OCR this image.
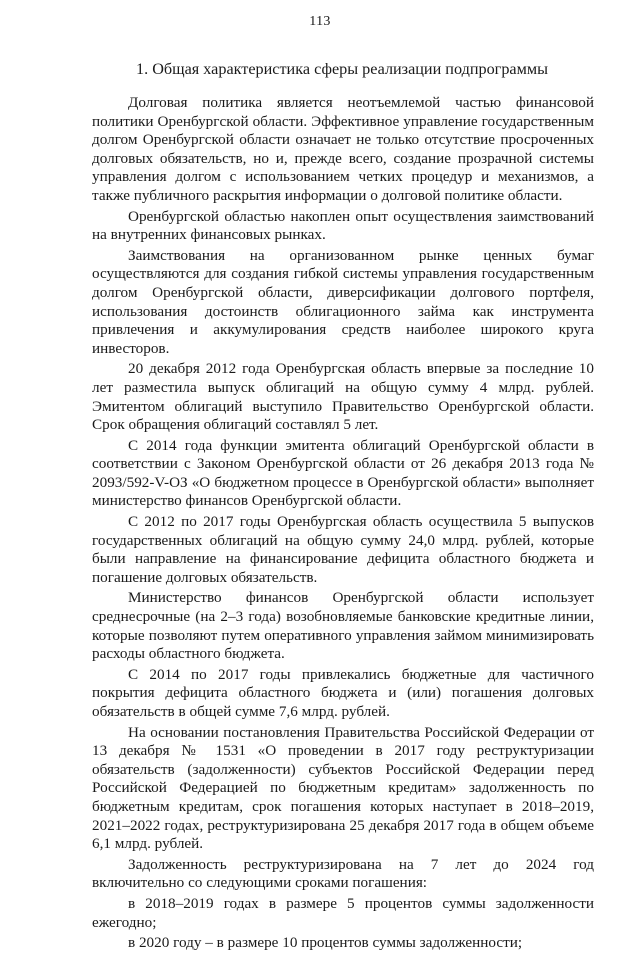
113
1. Общая характеристика сферы реализации подпрограммы

Долговая политика является неотъемлемой частью финансовой политики Оренбургской области. Эффективное управление государственным долгом Оренбургской области означает не только отсутствие просроченных долговых обязательств, но и, прежде всего, создание прозрачной системы управления долгом с использованием четких процедур и механизмов, а также публичного раскрытия информации о долговой политике области.

Оренбургской областью накоплен опыт осуществления заимствований на внутренних финансовых рынках.

Заимствования на организованном рынке ценных бумаг осуществляются для создания гибкой системы управления государственным долгом Оренбургской области, диверсификации долгового портфеля, использования достоинств облигационного займа как инструмента привлечения и аккумулирования средств наиболее широкого круга инвесторов.

20 декабря 2012 года Оренбургская область впервые за последние 10 лет разместила выпуск облигаций на общую сумму 4 млрд. рублей. Эмитентом облигаций выступило Правительство Оренбургской области. Срок обращения облигаций составлял 5 лет.

С 2014 года функции эмитента облигаций Оренбургской области в соответствии с Законом Оренбургской области от 26 декабря 2013 года № 2093/592-V-ОЗ «О бюджетном процессе в Оренбургской области» выполняет министерство финансов Оренбургской области.

С 2012 по 2017 годы Оренбургская область осуществила 5 выпусков государственных облигаций на общую сумму 24,0 млрд. рублей, которые были направление на финансирование дефицита областного бюджета и погашение долговых обязательств.

Министерство финансов Оренбургской области использует среднесрочные (на 2–3 года) возобновляемые банковские кредитные линии, которые позволяют путем оперативного управления займом минимизировать расходы областного бюджета.

С 2014 по 2017 годы привлекались бюджетные для частичного покрытия дефицита областного бюджета и (или) погашения долговых обязательств в общей сумме 7,6 млрд. рублей.

На основании постановления Правительства Российской Федерации от 13 декабря № 1531 «О проведении в 2017 году реструктуризации обязательств (задолженности) субъектов Российской Федерации перед Российской Федерацией по бюджетным кредитам» задолженность по бюджетным кредитам, срок погашения которых наступает в 2018–2019, 2021–2022 годах, реструктуризирована 25 декабря 2017 года в общем объеме 6,1 млрд. рублей.

Задолженность реструктуризирована на 7 лет до 2024 год включительно со следующими сроками погашения:

в 2018–2019 годах в размере 5 процентов суммы задолженности ежегодно;

в 2020 году – в размере 10 процентов суммы задолженности;
